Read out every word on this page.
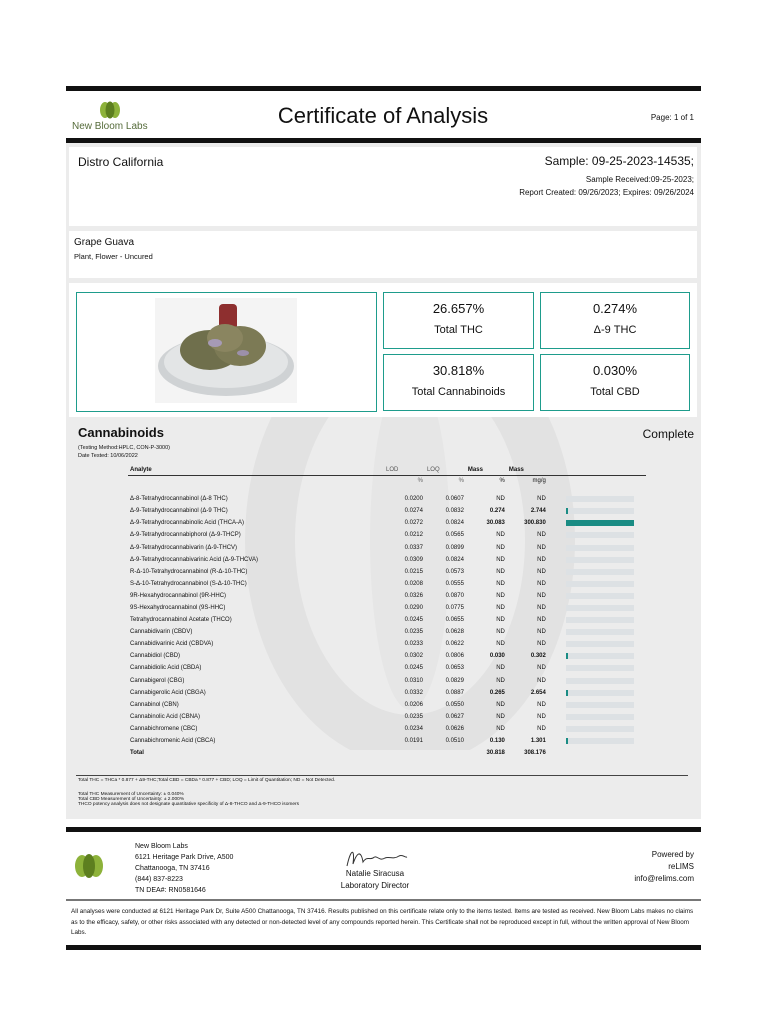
New Bloom Labs	Certificate of Analysis	Page: 1 of 1
Distro California	Sample: 09-25-2023-14535;
Sample Received:09-25-2023;
Report Created: 09/26/2023; Expires: 09/26/2024
Grape Guava
Plant, Flower - Uncured
26.657%
Total THC
0.274%
Δ-9 THC
30.818%
Total Cannabinoids
0.030%
Total CBD
Cannabinoids	Complete
(Testing Method:HPLC, CON-P-3000)
Date Tested: 10/06/2022
Analyte	LOD	LOQ	Mass	Mass	
	%	%	%	mg/g	

Δ-8-Tetrahydrocannabinol (Δ-8 THC)	0.0200	0.0607	ND	ND	

Δ-9-Tetrahydrocannabinol (Δ-9 THC)	0.0274	0.0832	0.274	2.744	

Δ-9-Tetrahydrocannabinolic Acid (THCA-A)	0.0272	0.0824	30.083	300.830	

Δ-9-Tetrahydrocannabiphorol (Δ-9-THCP)	0.0212	0.0565	ND	ND	

Δ-9-Tetrahydrocannabivarin (Δ-9-THCV)	0.0337	0.0899	ND	ND	

Δ-9-Tetrahydrocannabivarinic Acid (Δ-9-THCVA)	0.0309	0.0824	ND	ND	

R-Δ-10-Tetrahydrocannabinol (R-Δ-10-THC)	0.0215	0.0573	ND	ND	

S-Δ-10-Tetrahydrocannabinol (S-Δ-10-THC)	0.0208	0.0555	ND	ND	

9R-Hexahydrocannabinol (9R-HHC)	0.0326	0.0870	ND	ND	

9S-Hexahydrocannabinol (9S-HHC)	0.0290	0.0775	ND	ND	

Tetrahydrocannabinol Acetate (THCO)	0.0245	0.0655	ND	ND	

Cannabidivarin (CBDV)	0.0235	0.0628	ND	ND	

Cannabidivarinic Acid (CBDVA)	0.0233	0.0622	ND	ND	

Cannabidiol (CBD)	0.0302	0.0806	0.030	0.302	

Cannabidiolic Acid (CBDA)	0.0245	0.0653	ND	ND	

Cannabigerol (CBG)	0.0310	0.0829	ND	ND	

Cannabigerolic Acid (CBGA)	0.0332	0.0887	0.265	2.654	

Cannabinol (CBN)	0.0206	0.0550	ND	ND	

Cannabinolic Acid (CBNA)	0.0235	0.0627	ND	ND	

Cannabichromene (CBC)	0.0234	0.0626	ND	ND	

Cannabichromenic Acid (CBCA)	0.0191	0.0510	0.130	1.301	

Total			30.818	308.176	
Total THC = THCa * 0.877 + Δ9-THC;Total CBD = CBDa * 0.877 + CBD; LOQ = Limit of Quantitation; ND = Not Detected.
Total THC Measurement of Uncertainty: ± 0.040%
Total CBD Measurement of Uncertainty: ± 2.000%
THCO potency analysis does not designate quantitative specificity of Δ-8-THCO and Δ-9-THCO isomers
New Bloom Labs
6121 Heritage Park Drive, A500
Chattanooga, TN 37416
(844) 837-8223
TN DEA#: RN0581646
Natalie Siracusa
Laboratory Director
Powered by
reLIMS
info@relims.com
All analyses were conducted at 6121 Heritage Park Dr, Suite A500 Chattanooga, TN 37416. Results published on this certificate relate only to the items tested. Items are tested as received. New Bloom Labs makes no claims as to the efficacy, safety, or other risks associated with any detected or non-detected level of any compounds reported herein. This Certificate shall not be reproduced except in full, without the written approval of New Bloom Labs.
